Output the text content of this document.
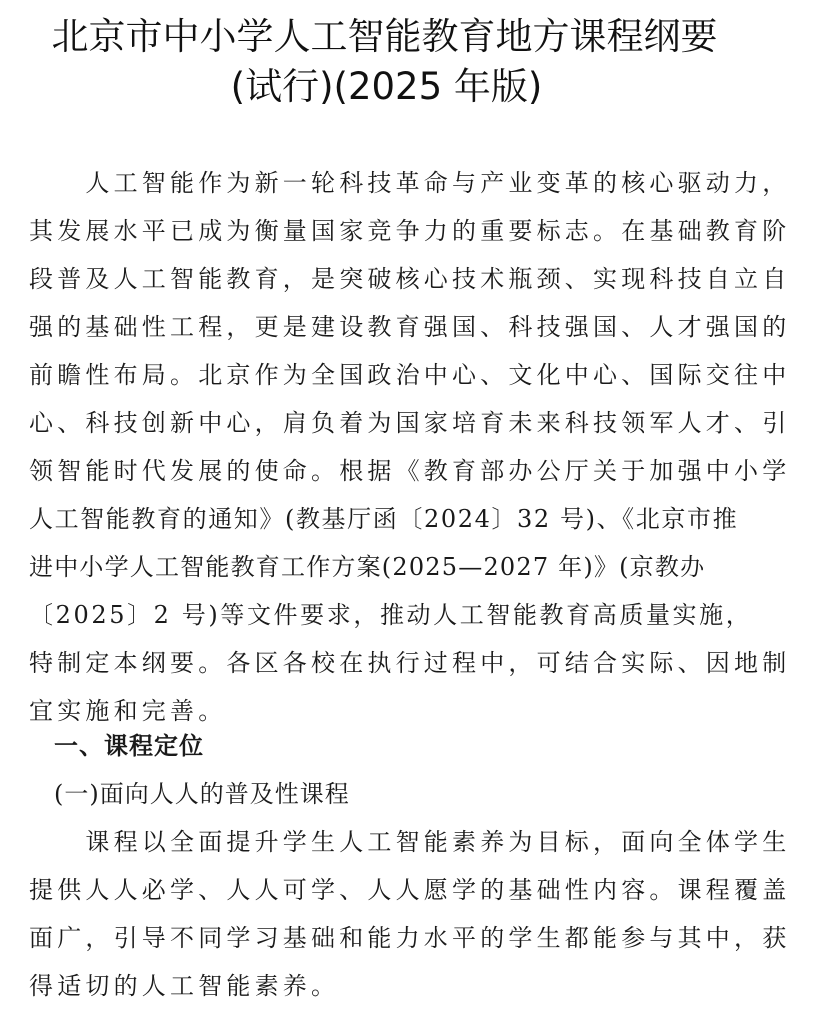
北京市中小学人工智能教育地方课程纲要
(试行)(2025 年版)
　　人工智能作为新一轮科技革命与产业变革的核心驱动力，
其发展水平已成为衡量国家竞争力的重要标志。在基础教育阶
段普及人工智能教育，是突破核心技术瓶颈、实现科技自立自
强的基础性工程，更是建设教育强国、科技强国、人才强国的
前瞻性布局。北京作为全国政治中心、文化中心、国际交往中
心、科技创新中心，肩负着为国家培育未来科技领军人才、引
领智能时代发展的使命。根据《教育部办公厅关于加强中小学
人工智能教育的通知》(教基厅函〔2024〕32 号)、《北京市推
进中小学人工智能教育工作方案(2025—2027 年)》(京教办
〔2025〕2 号)等文件要求，推动人工智能教育高质量实施，
特制定本纲要。各区各校在执行过程中，可结合实际、因地制
宜实施和完善。
　一、课程定位
　(一)面向人人的普及性课程
　　课程以全面提升学生人工智能素养为目标，面向全体学生
提供人人必学、人人可学、人人愿学的基础性内容。课程覆盖
面广，引导不同学习基础和能力水平的学生都能参与其中，获
得适切的人工智能素养。
